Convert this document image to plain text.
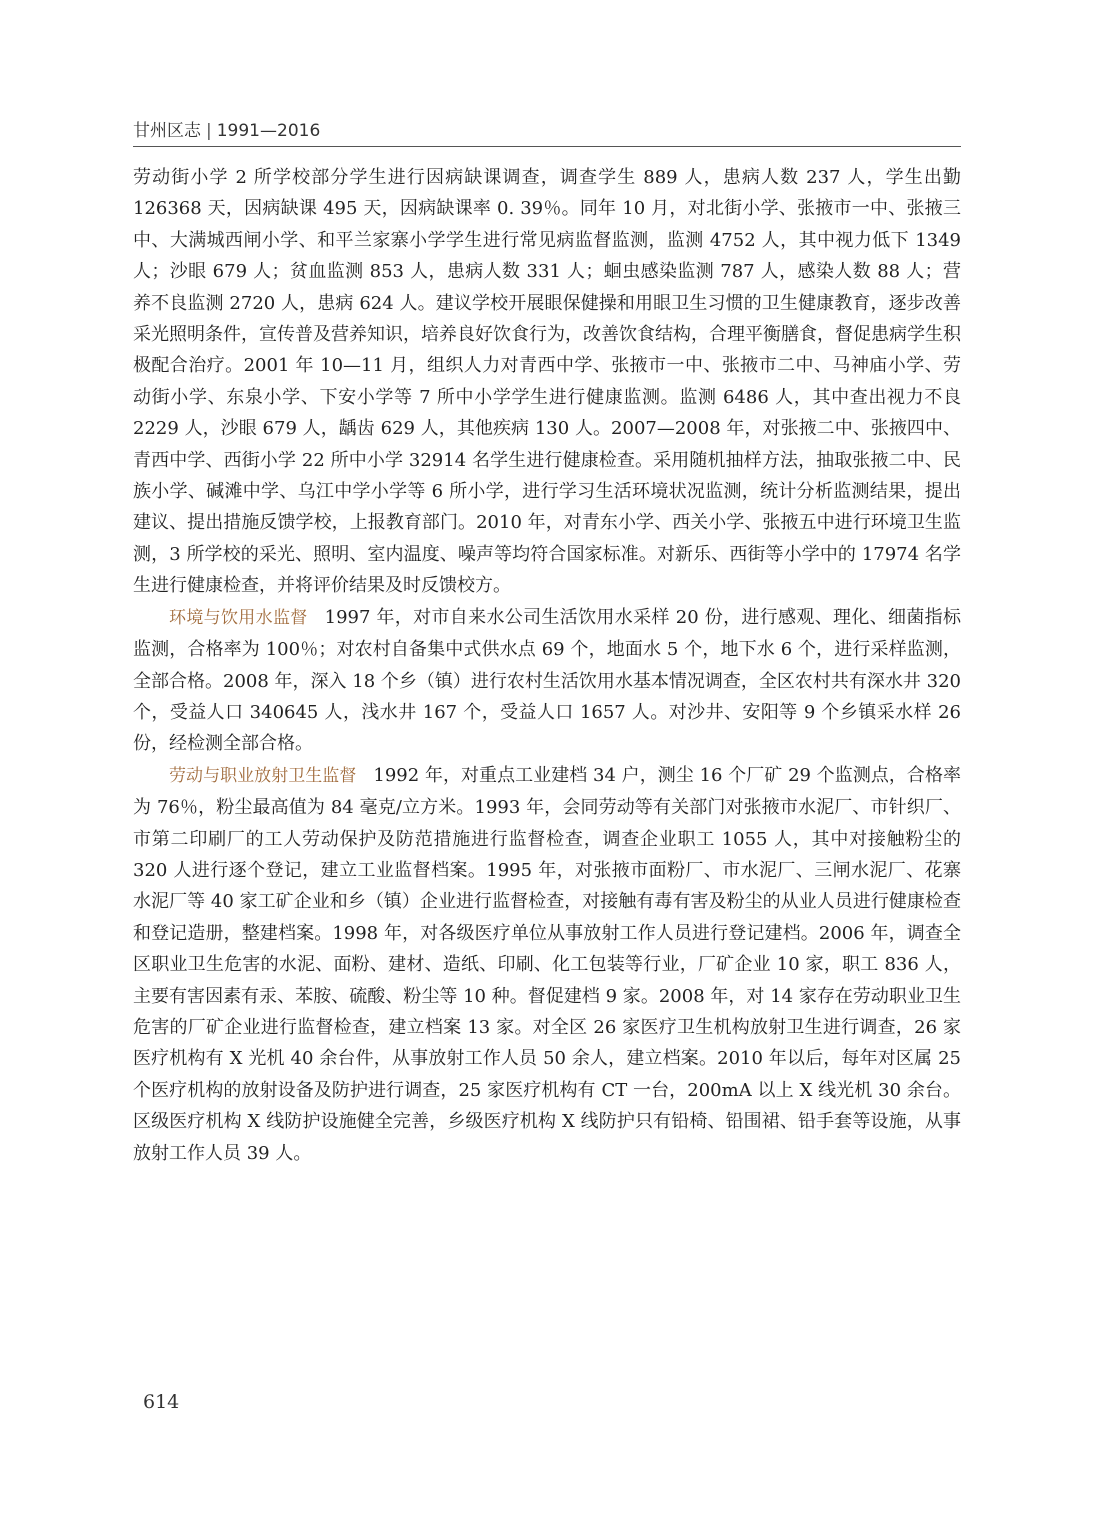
甘州区志 | 1991—2016

劳动街小学 2 所学校部分学生进行因病缺课调查，调查学生 889 人，患病人数 237 人，学生出勤 126368 天，因病缺课 495 天，因病缺课率 0. 39％。同年 10 月，对北街小学、张掖市一中、张掖三中、大满城西闸小学、和平兰家寨小学学生进行常见病监督监测，监测 4752 人，其中视力低下 1349 人；沙眼 679 人；贫血监测 853 人，患病人数 331 人；蛔虫感染监测 787 人，感染人数 88 人；营养不良监测 2720 人，患病 624 人。建议学校开展眼保健操和用眼卫生习惯的卫生健康教育，逐步改善采光照明条件，宣传普及营养知识，培养良好饮食行为，改善饮食结构，合理平衡膳食，督促患病学生积极配合治疗。2001 年 10—11 月，组织人力对青西中学、张掖市一中、张掖市二中、马神庙小学、劳动街小学、东泉小学、下安小学等 7 所中小学学生进行健康监测。监测 6486 人，其中查出视力不良 2229 人，沙眼 679 人，龋齿 629 人，其他疾病 130 人。2007—2008 年，对张掖二中、张掖四中、青西中学、西街小学 22 所中小学 32914 名学生进行健康检查。采用随机抽样方法，抽取张掖二中、民族小学、碱滩中学、乌江中学小学等 6 所小学，进行学习生活环境状况监测，统计分析监测结果，提出建议、提出措施反馈学校，上报教育部门。2010 年，对青东小学、西关小学、张掖五中进行环境卫生监测，3 所学校的采光、照明、室内温度、噪声等均符合国家标准。对新乐、西街等小学中的 17974 名学生进行健康检查，并将评价结果及时反馈校方。

环境与饮用水监督 1997 年，对市自来水公司生活饮用水采样 20 份，进行感观、理化、细菌指标监测，合格率为 100％；对农村自备集中式供水点 69 个，地面水 5 个，地下水 6 个，进行采样监测，全部合格。2008 年，深入 18 个乡（镇）进行农村生活饮用水基本情况调查，全区农村共有深水井 320 个，受益人口 340645 人，浅水井 167 个，受益人口 1657 人。对沙井、安阳等 9 个乡镇采水样 26 份，经检测全部合格。

劳动与职业放射卫生监督 1992 年，对重点工业建档 34 户，测尘 16 个厂矿 29 个监测点，合格率为 76％，粉尘最高值为 84 毫克/立方米。1993 年，会同劳动等有关部门对张掖市水泥厂、市针织厂、市第二印刷厂的工人劳动保护及防范措施进行监督检查，调查企业职工 1055 人，其中对接触粉尘的 320 人进行逐个登记，建立工业监督档案。1995 年，对张掖市面粉厂、市水泥厂、三闸水泥厂、花寨水泥厂等 40 家工矿企业和乡（镇）企业进行监督检查，对接触有毒有害及粉尘的从业人员进行健康检查和登记造册，整建档案。1998 年，对各级医疗单位从事放射工作人员进行登记建档。2006 年，调查全区职业卫生危害的水泥、面粉、建材、造纸、印刷、化工包装等行业，厂矿企业 10 家，职工 836 人，主要有害因素有汞、苯胺、硫酸、粉尘等 10 种。督促建档 9 家。2008 年，对 14 家存在劳动职业卫生危害的厂矿企业进行监督检查，建立档案 13 家。对全区 26 家医疗卫生机构放射卫生进行调查，26 家医疗机构有 X 光机 40 余台件，从事放射工作人员 50 余人，建立档案。2010 年以后，每年对区属 25 个医疗机构的放射设备及防护进行调查，25 家医疗机构有 CT 一台，200mA 以上 X 线光机 30 余台。区级医疗机构 X 线防护设施健全完善，乡级医疗机构 X 线防护只有铅椅、铅围裙、铅手套等设施，从事放射工作人员 39 人。

614
